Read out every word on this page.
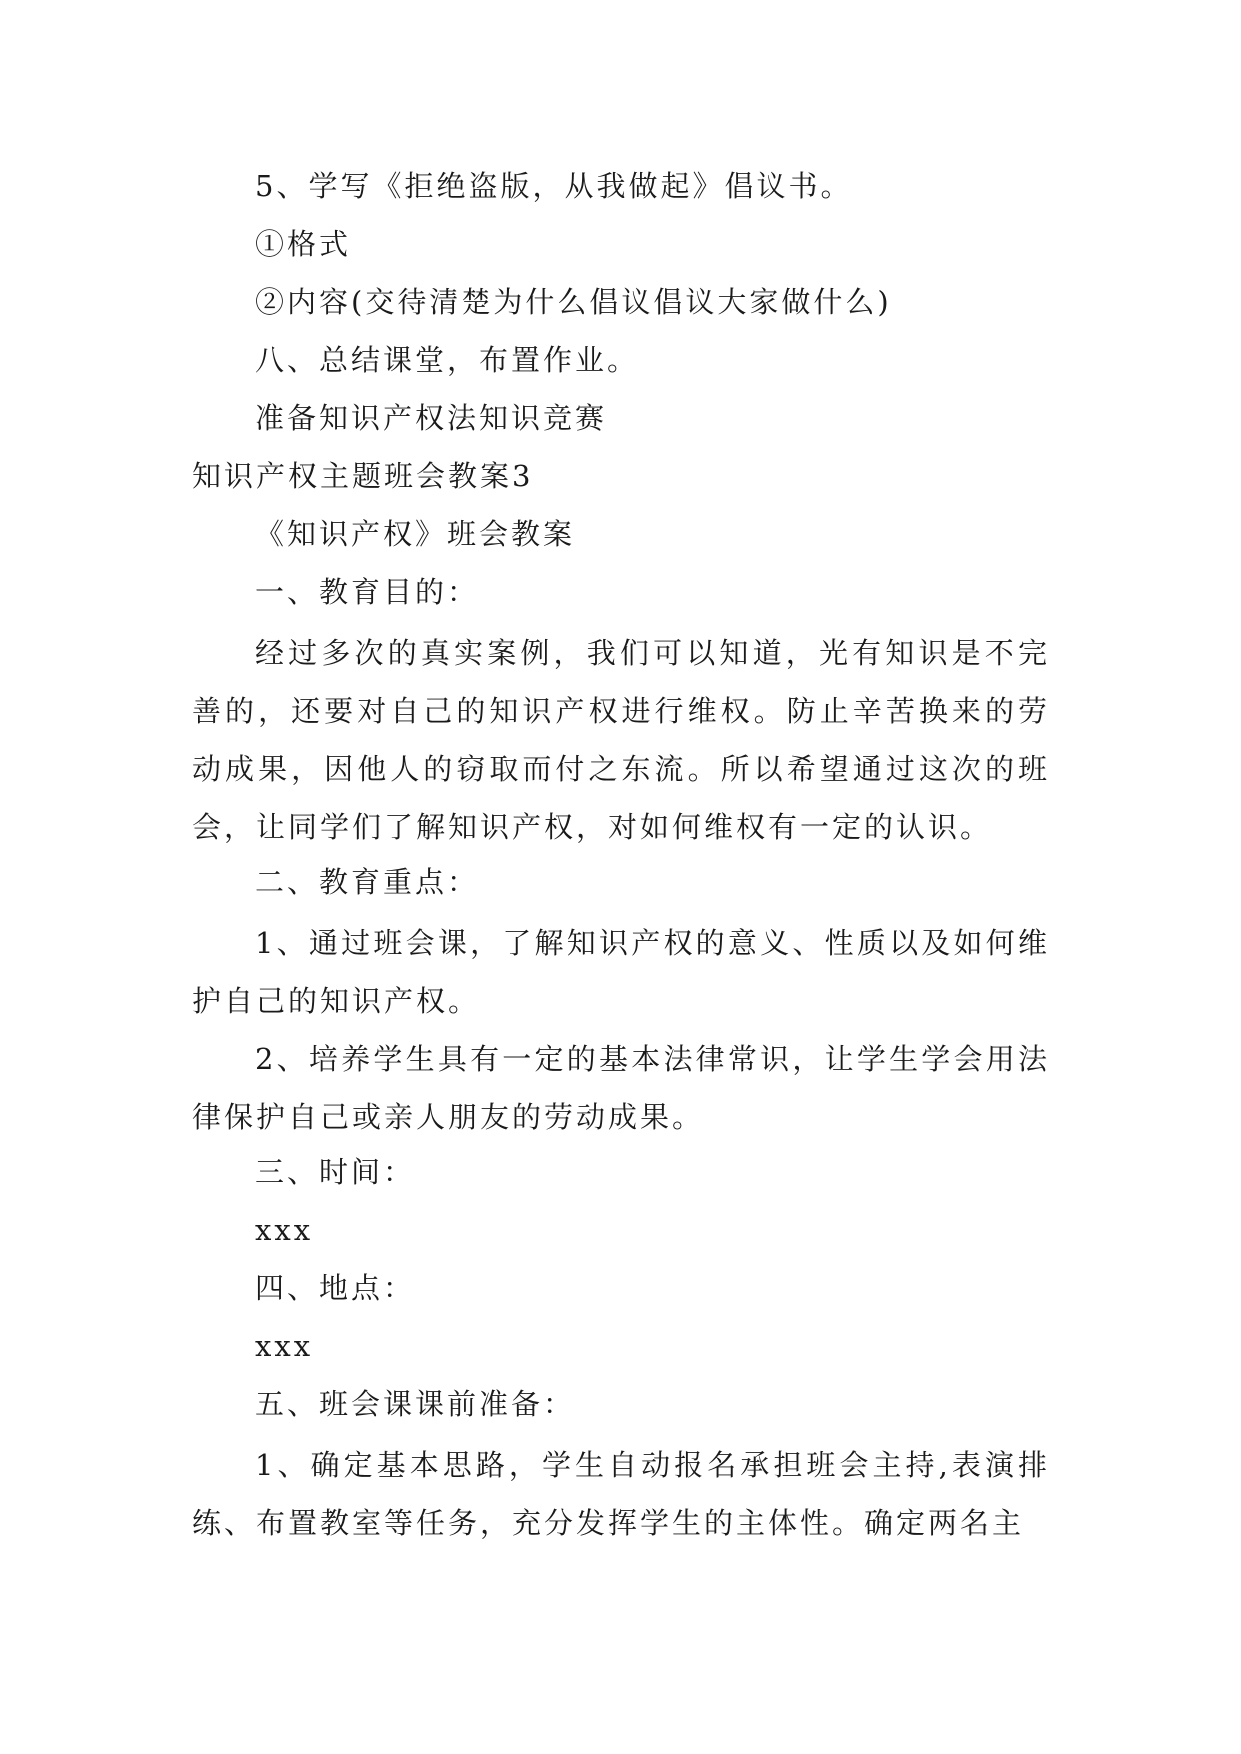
5、学写《拒绝盗版，从我做起》倡议书。
①格式
②内容(交待清楚为什么倡议倡议大家做什么)
八、总结课堂，布置作业。
准备知识产权法知识竞赛
知识产权主题班会教案3
《知识产权》班会教案
一、教育目的：
经过多次的真实案例，我们可以知道，光有知识是不完善的，还要对自己的知识产权进行维权。防止辛苦换来的劳动成果，因他人的窃取而付之东流。所以希望通过这次的班会，让同学们了解知识产权，对如何维权有一定的认识。
二、教育重点：
1、通过班会课，了解知识产权的意义、性质以及如何维护自己的知识产权。
2、培养学生具有一定的基本法律常识，让学生学会用法律保护自己或亲人朋友的劳动成果。
三、时间：
xxx
四、地点：
xxx
五、班会课课前准备：
1、确定基本思路，学生自动报名承担班会主持,表演排练、布置教室等任务，充分发挥学生的主体性。确定两名主
